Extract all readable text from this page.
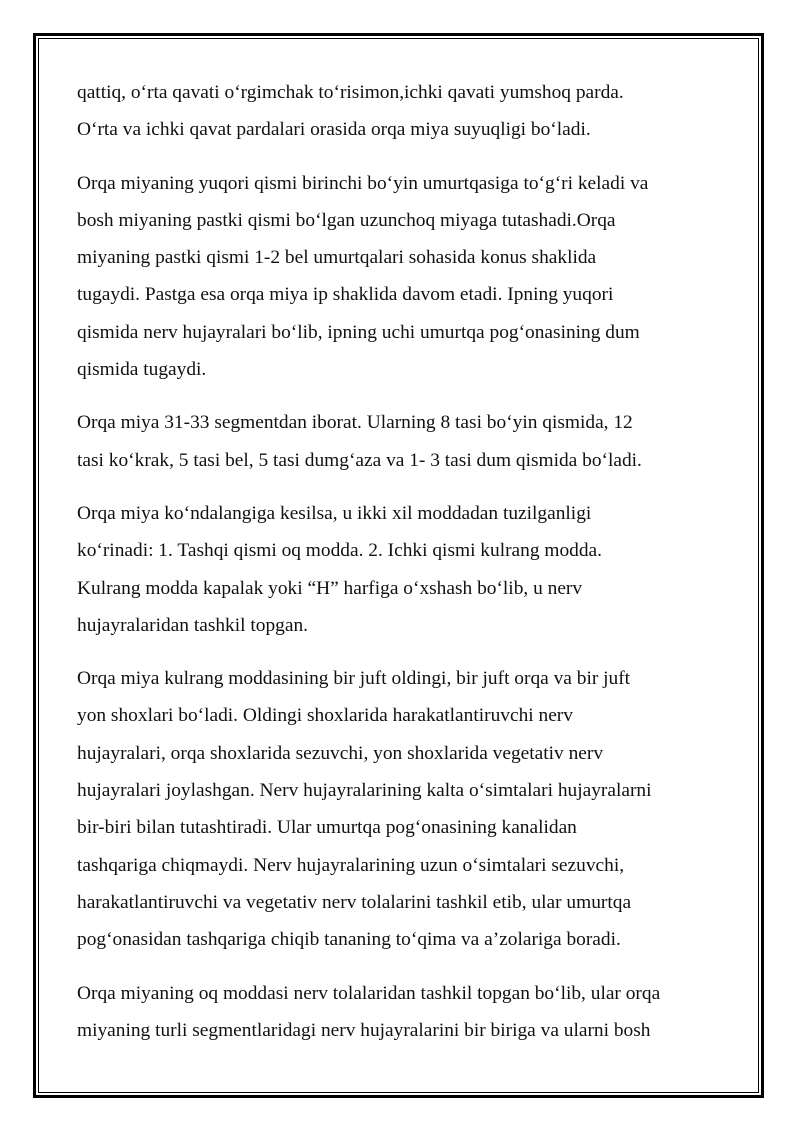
qattiq, o‘rta qavati o‘rgimchak to‘risimon,ichki qavati yumshoq parda.
O‘rta va ichki qavat pardalari orasida orqa miya suyuqligi bo‘ladi.

Orqa miyaning yuqori qismi birinchi bo‘yin umurtqasiga to‘g‘ri keladi va
bosh miyaning pastki qismi bo‘lgan uzunchoq miyaga tutashadi.Orqa
miyaning pastki qismi 1-2 bel umurtqalari sohasida konus shaklida
tugaydi. Pastga esa orqa miya ip shaklida davom etadi. Ipning yuqori
qismida nerv hujayralari bo‘lib, ipning uchi umurtqa pog‘onasining dum
qismida tugaydi.

Orqa miya 31-33 segmentdan iborat. Ularning 8 tasi bo‘yin qismida, 12
tasi ko‘krak, 5 tasi bel, 5 tasi dumg‘aza va 1- 3 tasi dum qismida bo‘ladi.

Orqa miya ko‘ndalangiga kesilsa, u ikki xil moddadan tuzilganligi
ko‘rinadi: 1. Tashqi qismi oq modda. 2. Ichki qismi kulrang modda.
Kulrang modda kapalak yoki “H” harfiga o‘xshash bo‘lib, u nerv
hujayralaridan tashkil topgan.

Orqa miya kulrang moddasining bir juft oldingi, bir juft orqa va bir juft
yon shoxlari bo‘ladi. Oldingi shoxlarida harakatlantiruvchi nerv
hujayralari, orqa shoxlarida sezuvchi, yon shoxlarida vegetativ nerv
hujayralari joylashgan. Nerv hujayralarining kalta o‘simtalari hujayralarni
bir-biri bilan tutashtiradi. Ular umurtqa pog‘onasining kanalidan
tashqariga chiqmaydi. Nerv hujayralarining uzun o‘simtalari sezuvchi,
harakatlantiruvchi va vegetativ nerv tolalarini tashkil etib, ular umurtqa
pog‘onasidan tashqariga chiqib tananing to‘qima va a’zolariga boradi.

Orqa miyaning oq moddasi nerv tolalaridan tashkil topgan bo‘lib, ular orqa
miyaning turli segmentlaridagi nerv hujayralarini bir biriga va ularni bosh
